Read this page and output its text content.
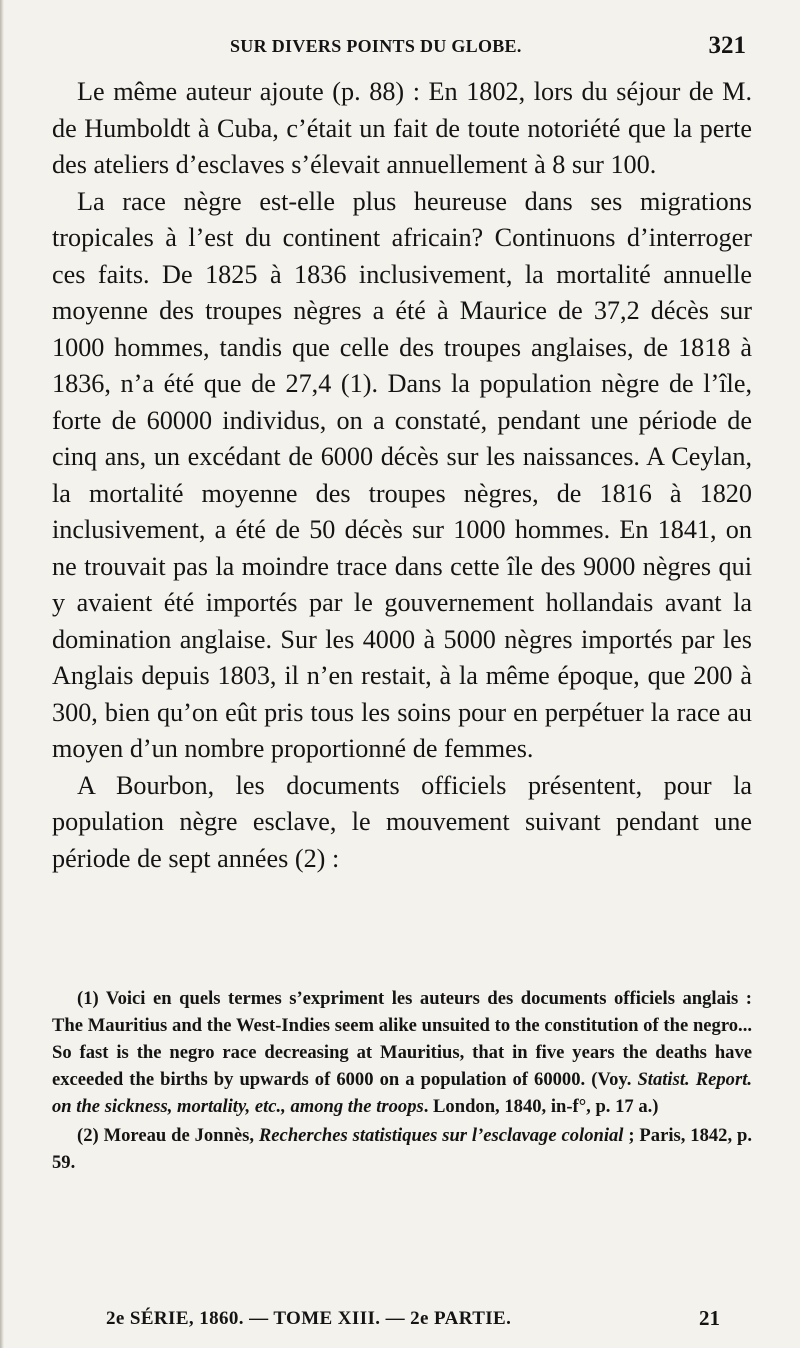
SUR DIVERS POINTS DU GLOBE.	321

Le même auteur ajoute (p. 88) : En 1802, lors du séjour de M. de Humboldt à Cuba, c’était un fait de toute notoriété que la perte des ateliers d’esclaves s’élevait annuellement à 8 sur 100.

La race nègre est-elle plus heureuse dans ses migrations tropicales à l’est du continent africain? Continuons d’interroger ces faits. De 1825 à 1836 inclusivement, la mortalité annuelle moyenne des troupes nègres a été à Maurice de 37,2 décès sur 1000 hommes, tandis que celle des troupes anglaises, de 1818 à 1836, n’a été que de 27,4 (1). Dans la population nègre de l’île, forte de 60000 individus, on a constaté, pendant une période de cinq ans, un excédant de 6000 décès sur les naissances. A Ceylan, la mortalité moyenne des troupes nègres, de 1816 à 1820 inclusivement, a été de 50 décès sur 1000 hommes. En 1841, on ne trouvait pas la moindre trace dans cette île des 9000 nègres qui y avaient été importés par le gouvernement hollandais avant la domination anglaise. Sur les 4000 à 5000 nègres importés par les Anglais depuis 1803, il n’en restait, à la même époque, que 200 à 300, bien qu’on eût pris tous les soins pour en perpétuer la race au moyen d’un nombre proportionné de femmes.

A Bourbon, les documents officiels présentent, pour la population nègre esclave, le mouvement suivant pendant une période de sept années (2) :

(1) Voici en quels termes s’expriment les auteurs des documents officiels anglais : The Mauritius and the West-Indies seem alike unsuited to the constitution of the negro... So fast is the negro race decreasing at Mauritius, that in five years the deaths have exceeded the births by upwards of 6000 on a population of 60000. (Voy. Statist. Report. on the sickness, mortality, etc., among the troops. London, 1840, in-f°, p. 17 a.)

(2) Moreau de Jonnès, Recherches statistiques sur l’esclavage colonial ; Paris, 1842, p. 59.

2e SÉRIE, 1860. — TOME XIII. — 2e PARTIE.	21
